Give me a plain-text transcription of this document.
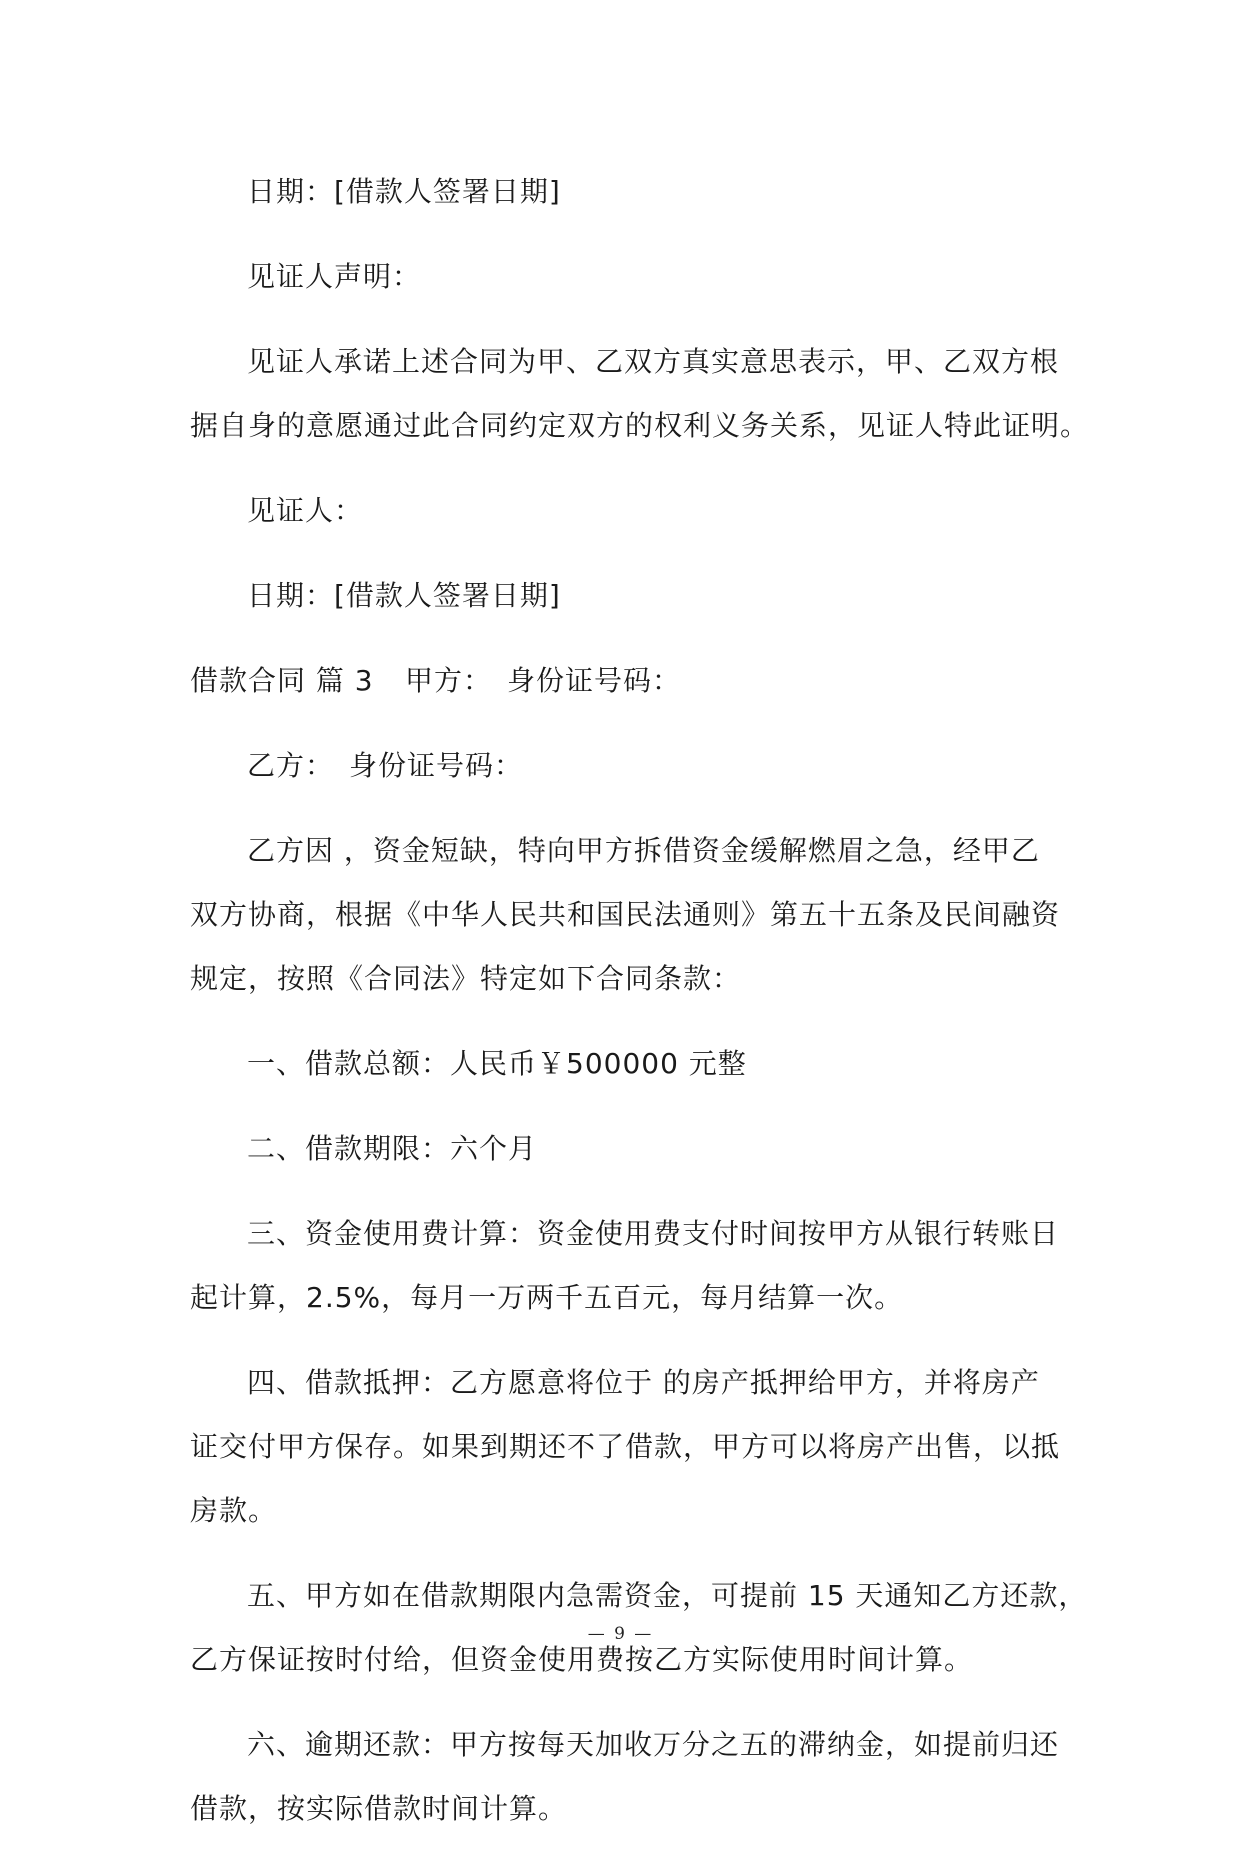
日期：[借款人签署日期]
见证人声明：
见证人承诺上述合同为甲、乙双方真实意思表示，甲、乙双方根
据自身的意愿通过此合同约定双方的权利义务关系，见证人特此证明。
见证人：
日期：[借款人签署日期]
借款合同 篇 3	甲方： 身份证号码：
乙方： 身份证号码：
乙方因 ，资金短缺，特向甲方拆借资金缓解燃眉之急，经甲乙
双方协商，根据《中华人民共和国民法通则》第五十五条及民间融资
规定，按照《合同法》特定如下合同条款：
一、借款总额：人民币￥500000 元整
二、借款期限：六个月
三、资金使用费计算：资金使用费支付时间按甲方从银行转账日
起计算，2.5%，每月一万两千五百元，每月结算一次。
四、借款抵押：乙方愿意将位于 的房产抵押给甲方，并将房产
证交付甲方保存。如果到期还不了借款，甲方可以将房产出售，以抵
房款。
五、甲方如在借款期限内急需资金，可提前 15 天通知乙方还款，
乙方保证按时付给，但资金使用费按乙方实际使用时间计算。
六、逾期还款：甲方按每天加收万分之五的滞纳金，如提前归还
借款，按实际借款时间计算。
— 9 —
